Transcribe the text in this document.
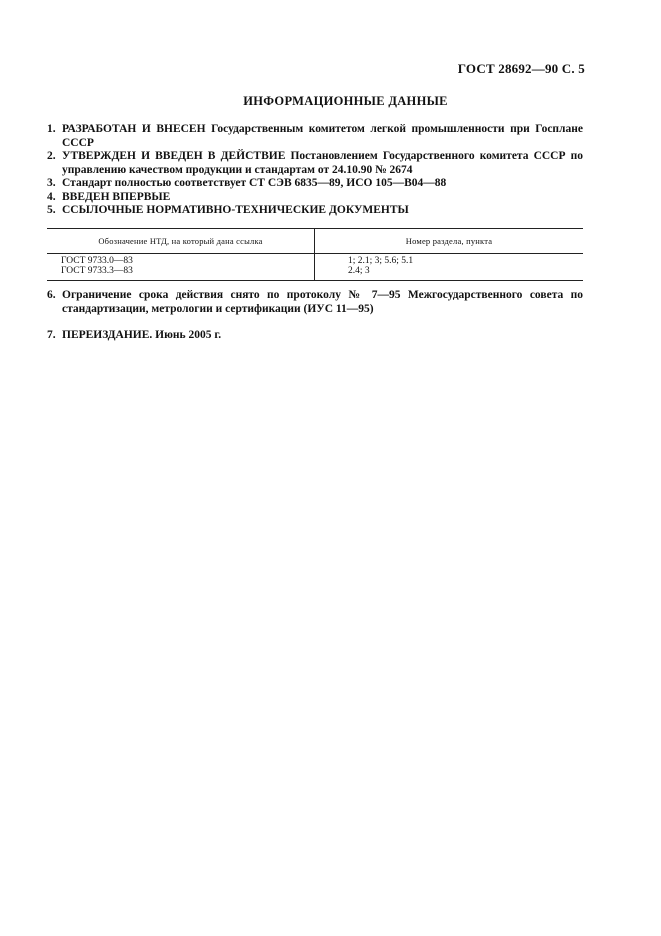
ГОСТ 28692—90 С. 5
ИНФОРМАЦИОННЫЕ ДАННЫЕ
1. РАЗРАБОТАН И ВНЕСЕН Государственным комитетом легкой промышленности при Госплане СССР
2. УТВЕРЖДЕН И ВВЕДЕН В ДЕЙСТВИЕ Постановлением Государственного комитета СССР по управлению качеством продукции и стандартам от 24.10.90 № 2674
3. Стандарт полностью соответствует СТ СЭВ 6835—89, ИСО 105—В04—88
4. ВВЕДЕН ВПЕРВЫЕ
5. ССЫЛОЧНЫЕ НОРМАТИВНО-ТЕХНИЧЕСКИЕ ДОКУМЕНТЫ
Обозначение НТД, на который дана ссылка	Номер раздела, пункта
ГОСТ 9733.0—83	1; 2.1; 3; 5.6; 5.1
ГОСТ 9733.3—83	2.4; 3
6. Ограничение срока действия снято по протоколу № 7—95 Межгосударственного совета по стандартизации, метрологии и сертификации (ИУС 11—95)
7. ПЕРЕИЗДАНИЕ. Июнь 2005 г.
